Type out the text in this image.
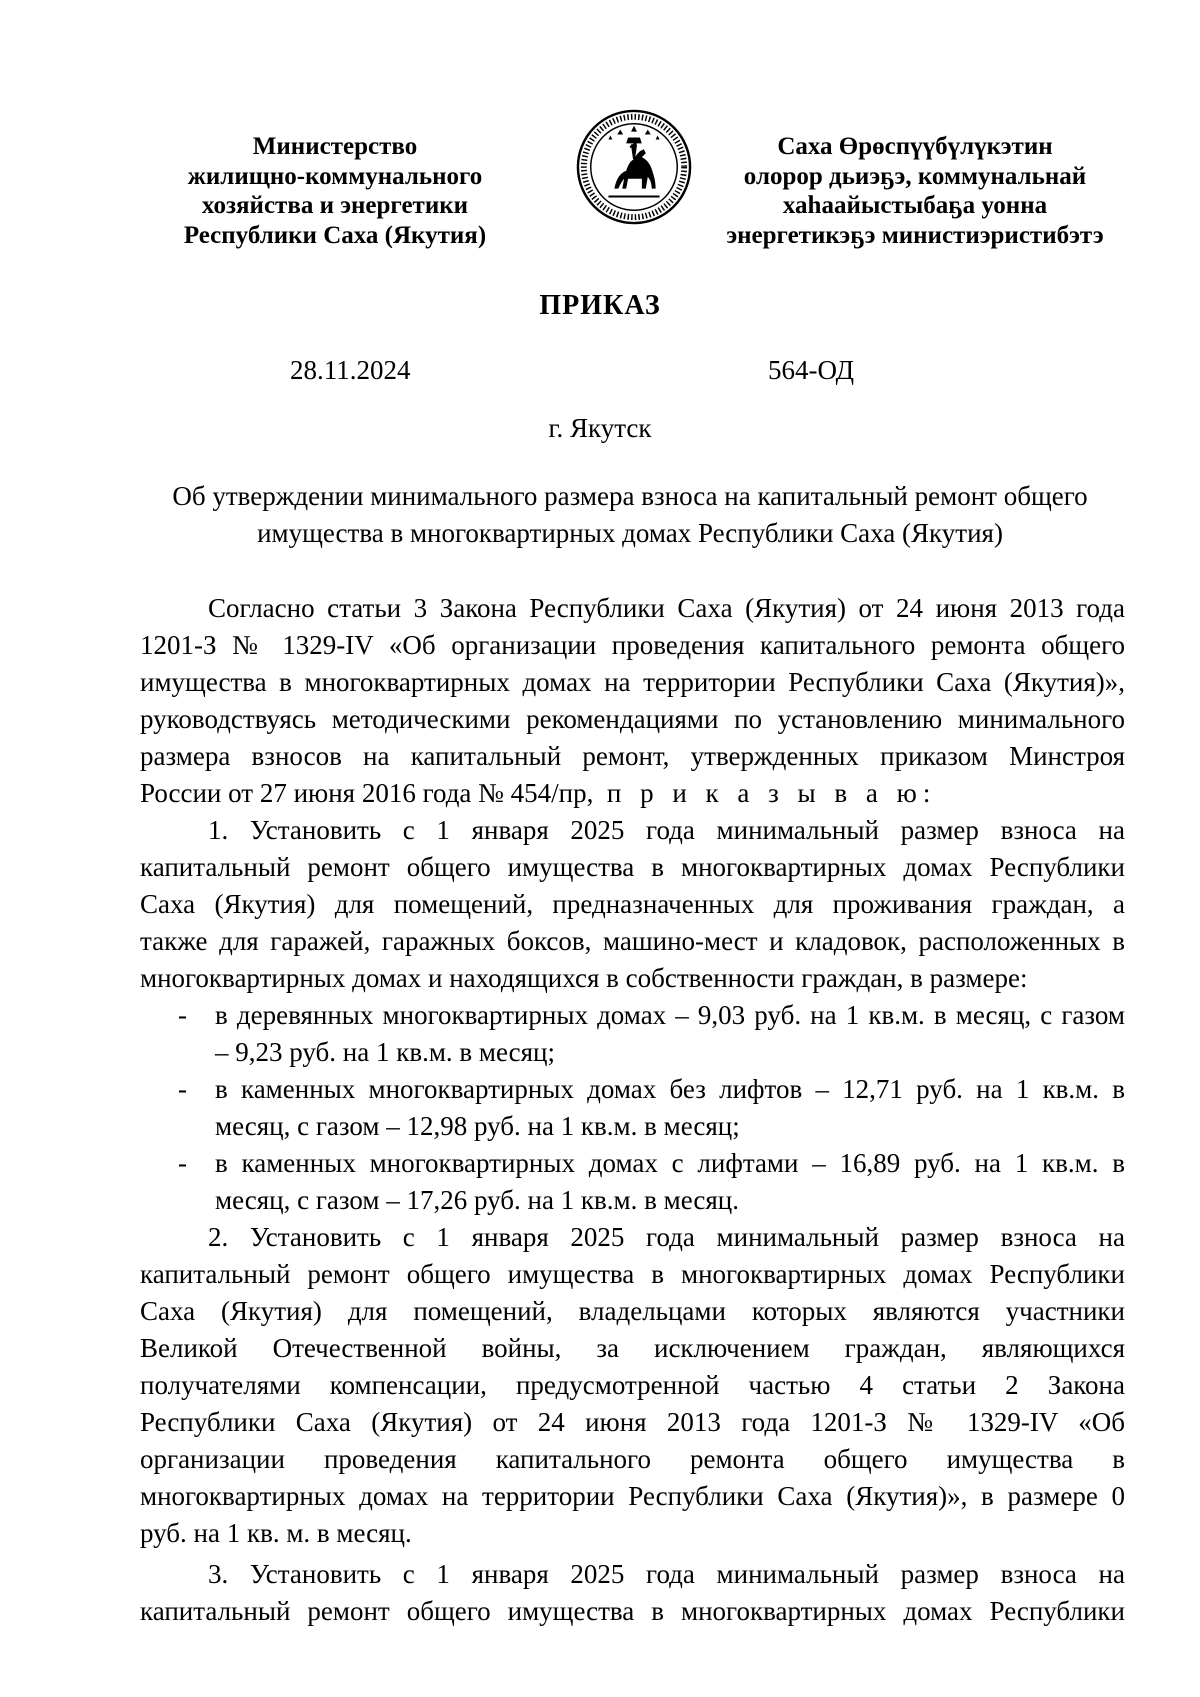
Министерство
жилищно-коммунального
хозяйства и энергетики
Республики Саха (Якутия)
Саха Өрөспүүбүлүкэтин
олорор дьиэҕэ, коммунальнай
хаһаайыстыбаҕа уонна
энергетикэҕэ министиэристибэтэ
ПРИКАЗ
28.11.2024	564-ОД
г. Якутск
Об утверждении минимального размера взноса на капитальный ремонт общего
имущества в многоквартирных домах Республики Саха (Якутия)
Согласно статьи 3 Закона Республики Саха (Якутия) от 24 июня 2013 года
1201-З № 1329-IV «Об организации проведения капитального ремонта общего
имущества в многоквартирных домах на территории Республики Саха (Якутия)»,
руководствуясь методическими рекомендациями по установлению минимального
размера взносов на капитальный ремонт, утвержденных приказом Минстроя
России от 27 июня 2016 года № 454/пр, п р и к а з ы в а ю:
1. Установить с 1 января 2025 года минимальный размер взноса на
капитальный ремонт общего имущества в многоквартирных домах Республики
Саха (Якутия) для помещений, предназначенных для проживания граждан, а
также для гаражей, гаражных боксов, машино-мест и кладовок, расположенных в
многоквартирных домах и находящихся в собственности граждан, в размере:
-	в деревянных многоквартирных домах – 9,03 руб. на 1 кв.м. в месяц, с газом
– 9,23 руб. на 1 кв.м. в месяц;
-	в каменных многоквартирных домах без лифтов – 12,71 руб. на 1 кв.м. в
месяц, с газом – 12,98 руб. на 1 кв.м. в месяц;
-	в каменных многоквартирных домах с лифтами – 16,89 руб. на 1 кв.м. в
месяц, с газом – 17,26 руб. на 1 кв.м. в месяц.
2. Установить с 1 января 2025 года минимальный размер взноса на
капитальный ремонт общего имущества в многоквартирных домах Республики
Саха (Якутия) для помещений, владельцами которых являются участники
Великой Отечественной войны, за исключением граждан, являющихся
получателями компенсации, предусмотренной частью 4 статьи 2 Закона
Республики Саха (Якутия) от 24 июня 2013 года 1201-З № 1329-IV «Об
организации проведения капитального ремонта общего имущества в
многоквартирных домах на территории Республики Саха (Якутия)», в размере 0
руб. на 1 кв. м. в месяц.
3. Установить с 1 января 2025 года минимальный размер взноса на
капитальный ремонт общего имущества в многоквартирных домах Республики
